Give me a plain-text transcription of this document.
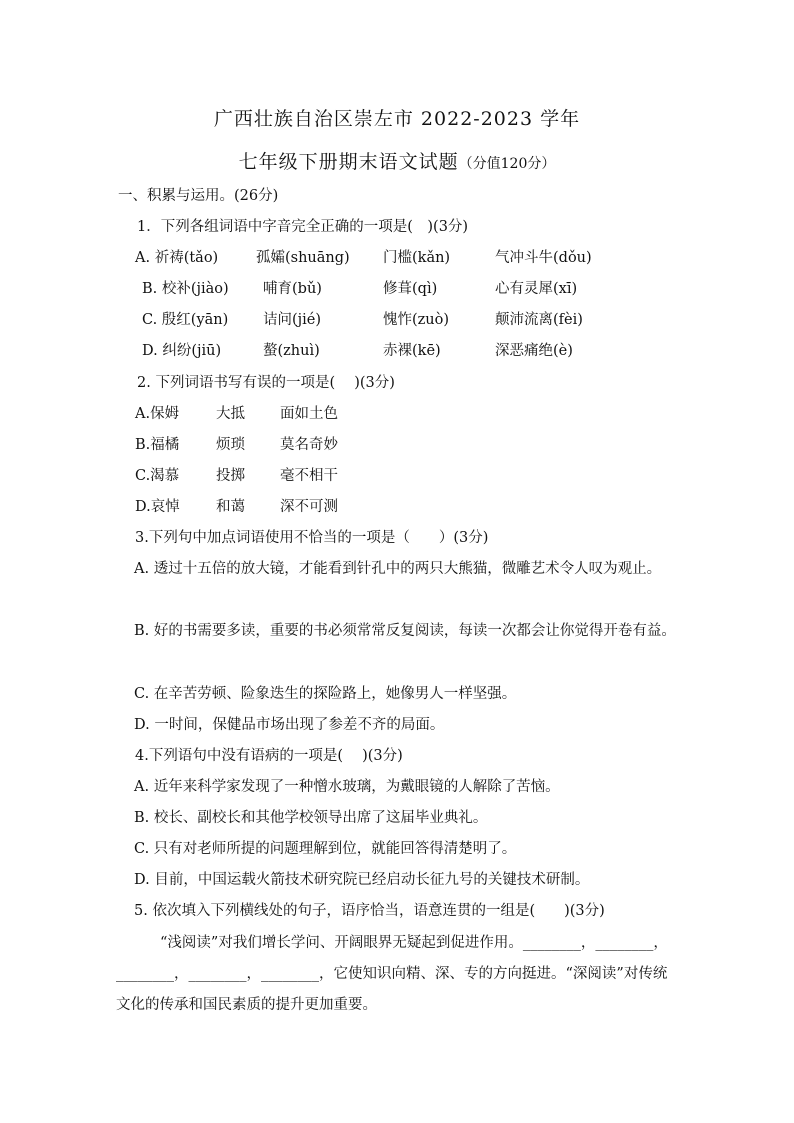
广西壮族自治区崇左市 2022-2023 学年
七年级下册期末语文试题（分值120分）
一、积累与运用。(26分)
1．下列各组词语中字音完全正确的一项是(　)(3分)
A. 祈祷(tǎo)	孤孀(shuāng) 门槛(kǎn)	气冲斗牛(dǒu)
B. 校补(jiào) 哺育(bǔ)	修葺(qì)	心有灵犀(xī)
C. 殷红(yān) 诘问(jié)	愧怍(zuò)	颠沛流离(fèi)
D. 纠纷(jiū)	螯(zhuì)	赤裸(kē)	深恶痛绝(è)
2. 下列词语书写有误的一项是(　 )(3分)
A.保姆	大抵 面如土色
B.福橘	烦琐 莫名奇妙
C.渴慕	投掷 毫不相干
D.哀悼	和蔼 深不可测
3.下列句中加点词语使用不恰当的一项是（　　）(3分)
A. 透过十五倍的放大镜，才能看到针孔中的两只大熊猫，微雕艺术令人叹为观止。
B. 好的书需要多读，重要的书必须常常反复阅读，每读一次都会让你觉得开卷有益。
C. 在辛苦劳顿、险象迭生的探险路上，她像男人一样坚强。
D. 一时间，保健品市场出现了参差不齐的局面。
4.下列语句中没有语病的一项是(　 )(3分)
A. 近年来科学家发现了一种憎水玻璃，为戴眼镜的人解除了苦恼。
B. 校长、副校长和其他学校领导出席了这届毕业典礼。
C. 只有对老师所提的问题理解到位，就能回答得清楚明了。
D. 目前，中国运载火箭技术研究院已经启动长征九号的关键技术研制。
5. 依次填入下列横线处的句子，语序恰当，语意连贯的一组是(　　)(3分)
“浅阅读”对我们增长学问、开阔眼界无疑起到促进作用。________，________，________，________，________，它使知识向精、深、专的方向挺进。“深阅读”对传统文化的传承和国民素质的提升更加重要。
